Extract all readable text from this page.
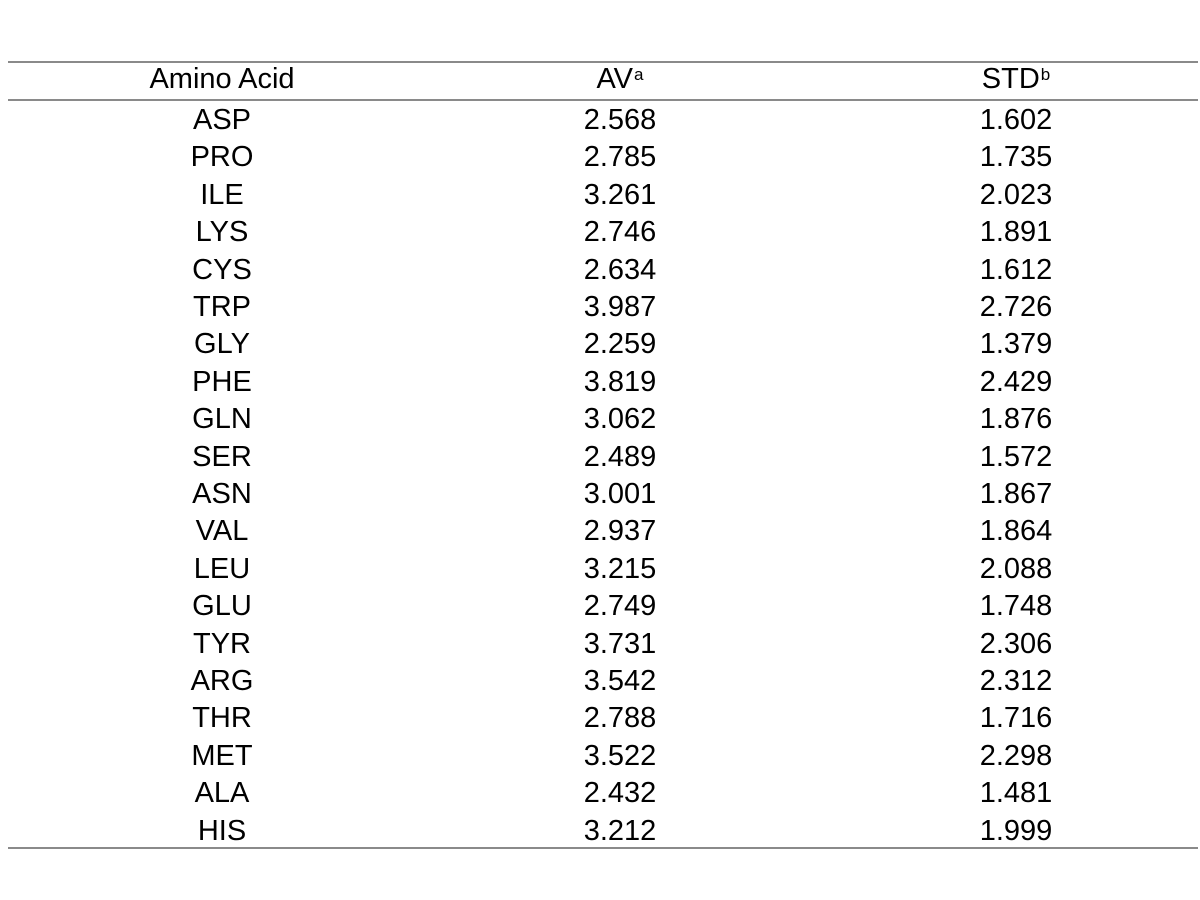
Amino Acid	$AV^a$	STD$^b$
ASP	2.568	1.602
PRO	2.785	1.735
ILE	3.261	2.023
LYS	2.746	1.891
CYS	2.634	1.612
TRP	3.987	2.726
GLY	2.259	1.379
PHE	3.819	2.429
GLN	3.062	1.876
SER	2.489	1.572
ASN	3.001	1.867
VAL	2.937	1.864
LEU	3.215	2.088
GLU	2.749	1.748
TYR	3.731	2.306
ARG	3.542	2.312
THR	2.788	1.716
MET	3.522	2.298
ALA	2.432	1.481
HIS	3.212	1.999
